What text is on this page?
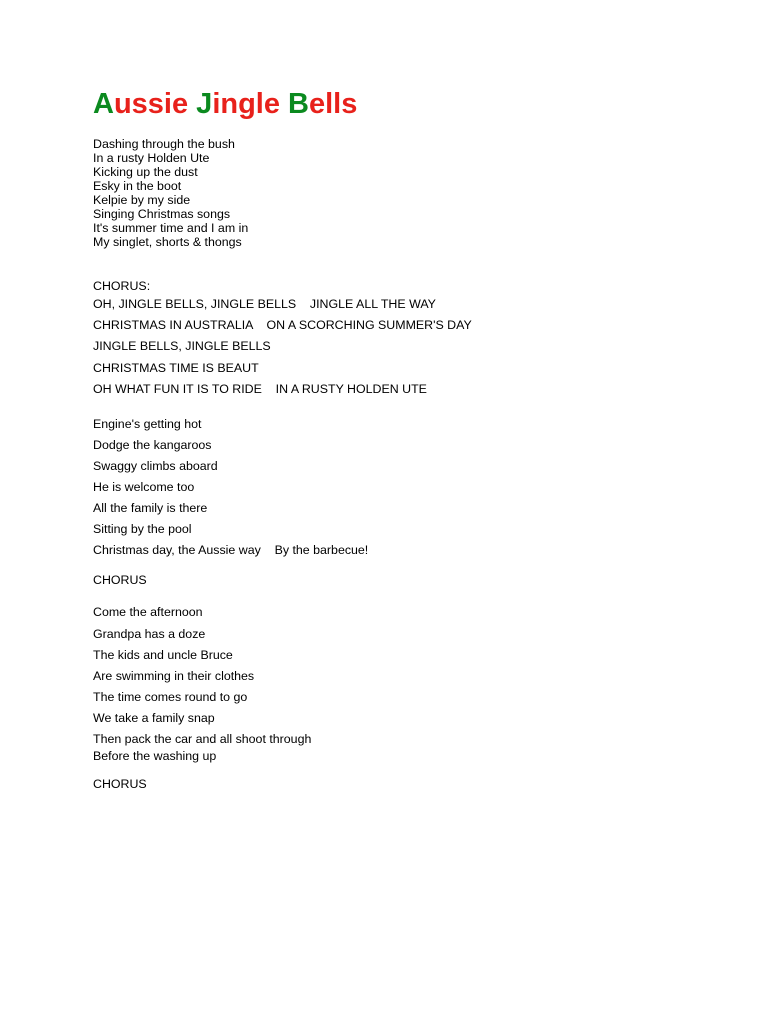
Aussie Jingle Bells
Dashing through the bush
In a rusty Holden Ute
Kicking up the dust
Esky in the boot
Kelpie by my side
Singing Christmas songs
It's summer time and I am in
My singlet, shorts & thongs
CHORUS:
OH, JINGLE BELLS, JINGLE BELLS    JINGLE ALL THE WAY
CHRISTMAS IN AUSTRALIA    ON A SCORCHING SUMMER'S DAY
JINGLE BELLS, JINGLE BELLS
CHRISTMAS TIME IS BEAUT
OH WHAT FUN IT IS TO RIDE    IN A RUSTY HOLDEN UTE
Engine's getting hot
Dodge the kangaroos
Swaggy climbs aboard
He is welcome too
All the family is there
Sitting by the pool
Christmas day, the Aussie way    By the barbecue!
CHORUS
Come the afternoon
Grandpa has a doze
The kids and uncle Bruce
Are swimming in their clothes
The time comes round to go
We take a family snap
Then pack the car and all shoot through
Before the washing up
CHORUS
